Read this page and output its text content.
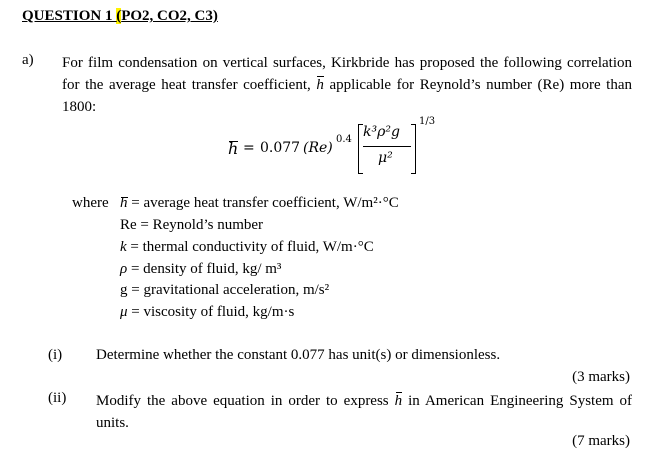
QUESTION 1 (PO2, CO2, C3)
a) For film condensation on vertical surfaces, Kirkbride has proposed the following correlation for the average heat transfer coefficient, h applicable for Reynold’s number (Re) more than 1800:
h = 0.077 (Re)
0.4 k³ρ²g
μ²
1/3
where h = average heat transfer coefficient, W/m²·°C
Re = Reynold’s number
k = thermal conductivity of fluid, W/m·°C
ρ = density of fluid, kg/ m³
g = gravitational acceleration, m/s²
μ = viscosity of fluid, kg/m·s
(i) Determine whether the constant 0.077 has unit(s) or dimensionless.
(3 marks)
(ii) Modify the above equation in order to express h in American Engineering System of units.
(7 marks)
